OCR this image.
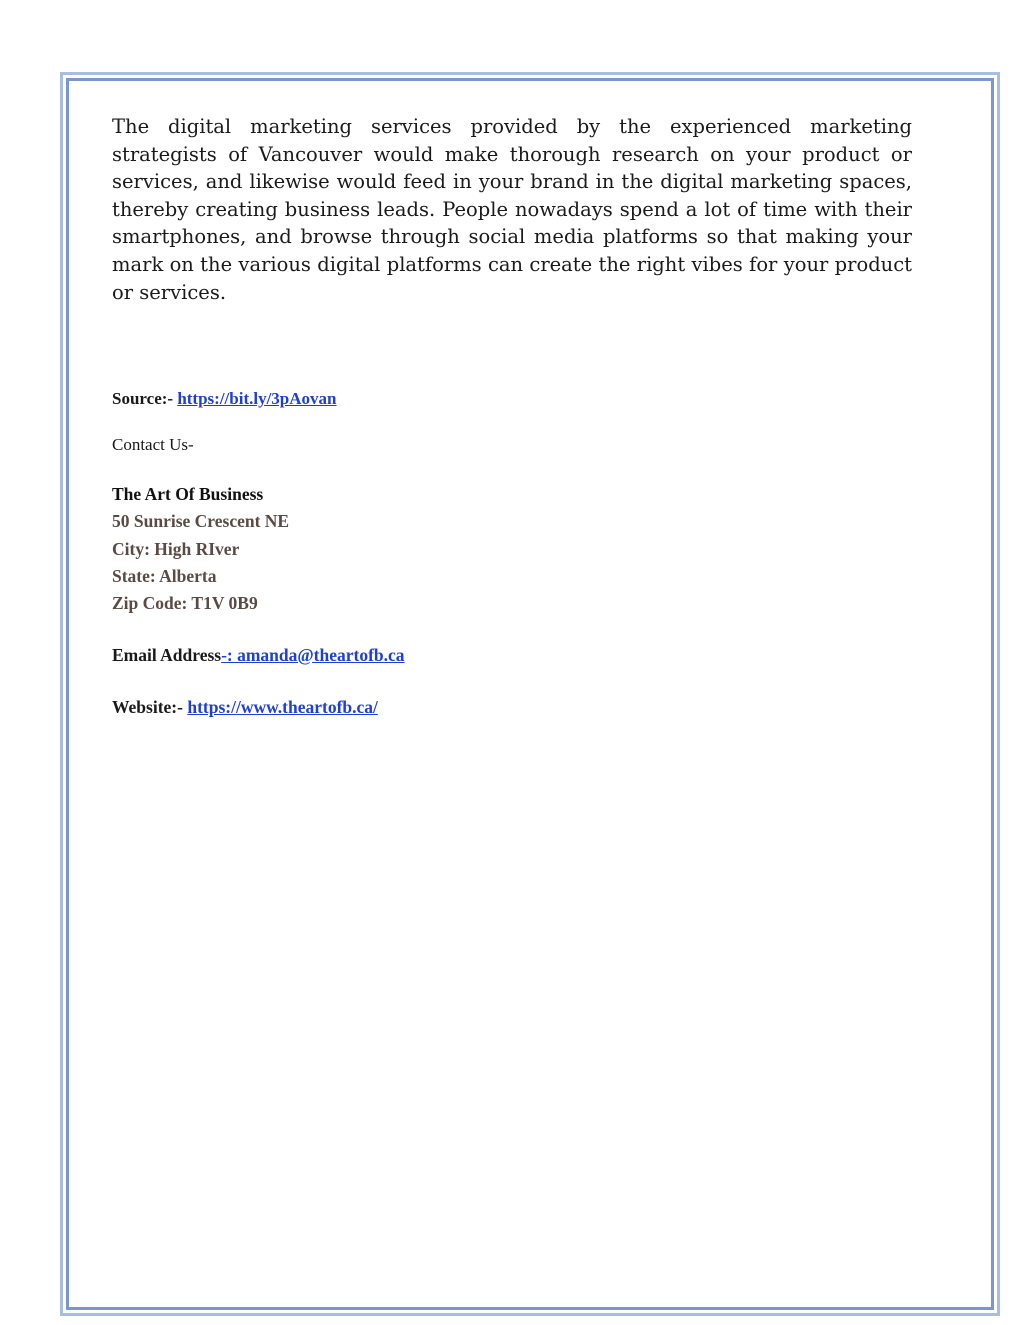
The digital marketing services provided by the experienced marketing strategists of Vancouver would make thorough research on your product or services, and likewise would feed in your brand in the digital marketing spaces, thereby creating business leads. People nowadays spend a lot of time with their smartphones, and browse through social media platforms so that making your mark on the various digital platforms can create the right vibes for your product or services.

Source:- https://bit.ly/3pAovan

Contact Us-

The Art Of Business
50 Sunrise Crescent NE
City: High RIver
State: Alberta
Zip Code: T1V 0B9

Email Address-: amanda@theartofb.ca

Website:- https://www.theartofb.ca/
